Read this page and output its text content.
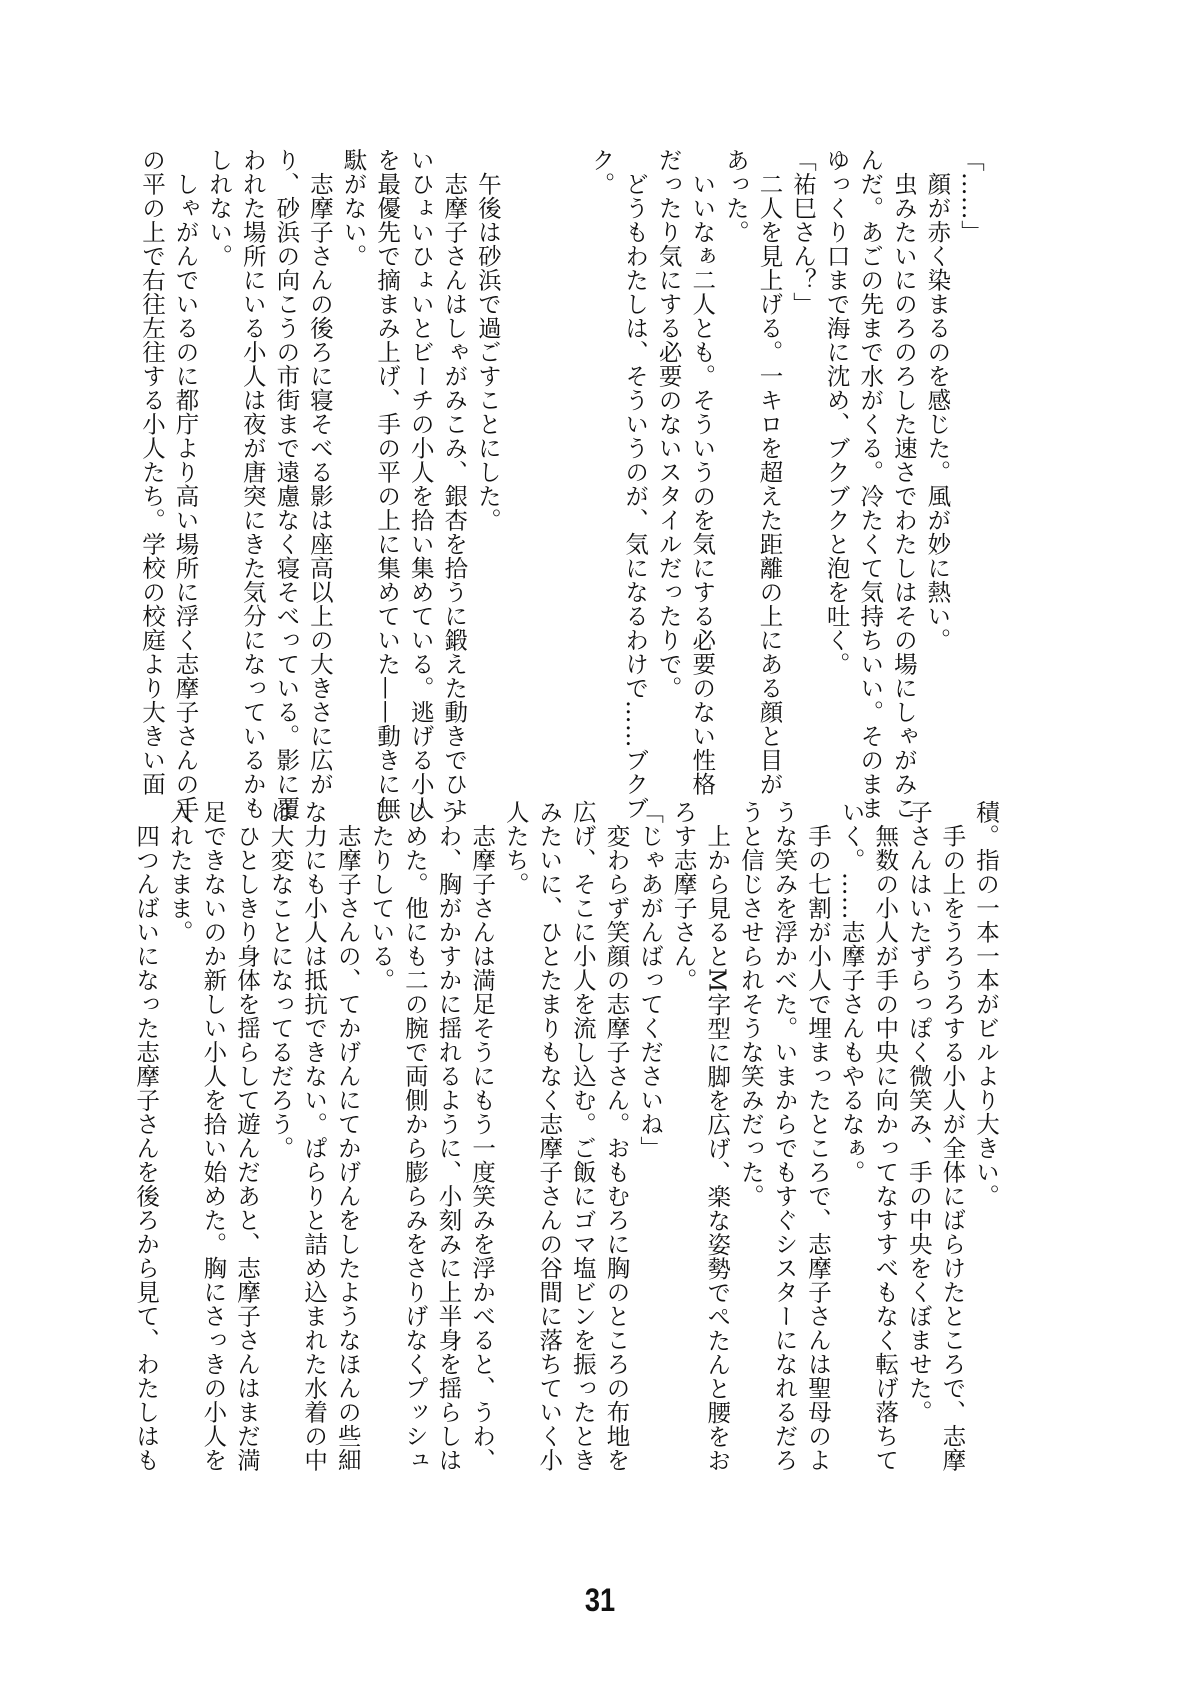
「……」
　顔が赤く染まるのを感じた。風が妙に熱い。
　虫みたいにのろのろした速さでわたしはその場にしゃがみこ
んだ。あごの先まで水がくる。冷たくて気持ちいい。そのまま
ゆっくり口まで海に沈め、ブクブクと泡を吐く。
「祐巳さん？」
　二人を見上げる。一キロを超えた距離の上にある顔と目が
あった。
　いいなぁ二人とも。そういうのを気にする必要のない性格
だったり気にする必要のないスタイルだったりで。
　どうもわたしは、そういうのが、気になるわけで……ブクブ
ク。
　午後は砂浜で過ごすことにした。
　志摩子さんはしゃがみこみ、銀杏を拾うに鍛えた動きでひょ
いひょいひょいとビーチの小人を拾い集めている。逃げる小人
を最優先で摘まみ上げ、手の平の上に集めていた——動きに無
駄がない。
　志摩子さんの後ろに寝そべる影は座高以上の大きさに広が
り、砂浜の向こうの市街まで遠慮なく寝そべっている。影に覆
われた場所にいる小人は夜が唐突にきた気分になっているかも
しれない。
　しゃがんでいるのに都庁より高い場所に浮く志摩子さんの手
の平の上で右往左往する小人たち。学校の校庭より大きい面
積。指の一本一本がビルより大きい。
　手の上をうろうろする小人が全体にばらけたところで、志摩
子さんはいたずらっぽく微笑み、手の中央をくぼませた。
　無数の小人が手の中央に向かってなすすべもなく転げ落ちて
いく。……志摩子さんもやるなぁ。
　手の七割が小人で埋まったところで、志摩子さんは聖母のよ
うな笑みを浮かべた。いまからでもすぐシスターになれるだろ
うと信じさせられそうな笑みだった。
　上から見るとM字型に脚を広げ、楽な姿勢でぺたんと腰をお
ろす志摩子さん。
「じゃあがんばってくださいね」
　変わらず笑顔の志摩子さん。おもむろに胸のところの布地を
広げ、そこに小人を流し込む。ご飯にゴマ塩ビンを振ったとき
みたいに、ひとたまりもなく志摩子さんの谷間に落ちていく小
人たち。
　志摩子さんは満足そうにもう一度笑みを浮かべると、うわ、
うわ、胸がかすかに揺れるように、小刻みに上半身を揺らしは
じめた。他にも二の腕で両側から膨らみをさりげなくプッシュ
したりしている。
　志摩子さんの、てかげんにてかげんをしたようなほんの些細
な力にも小人は抵抗できない。ぱらりと詰め込まれた水着の中
は大変なことになってるだろう。
　ひとしきり身体を揺らして遊んだあと、志摩子さんはまだ満
足できないのか新しい小人を拾い始めた。胸にさっきの小人を
入れたまま。
　四つんばいになった志摩子さんを後ろから見て、わたしはも
31
